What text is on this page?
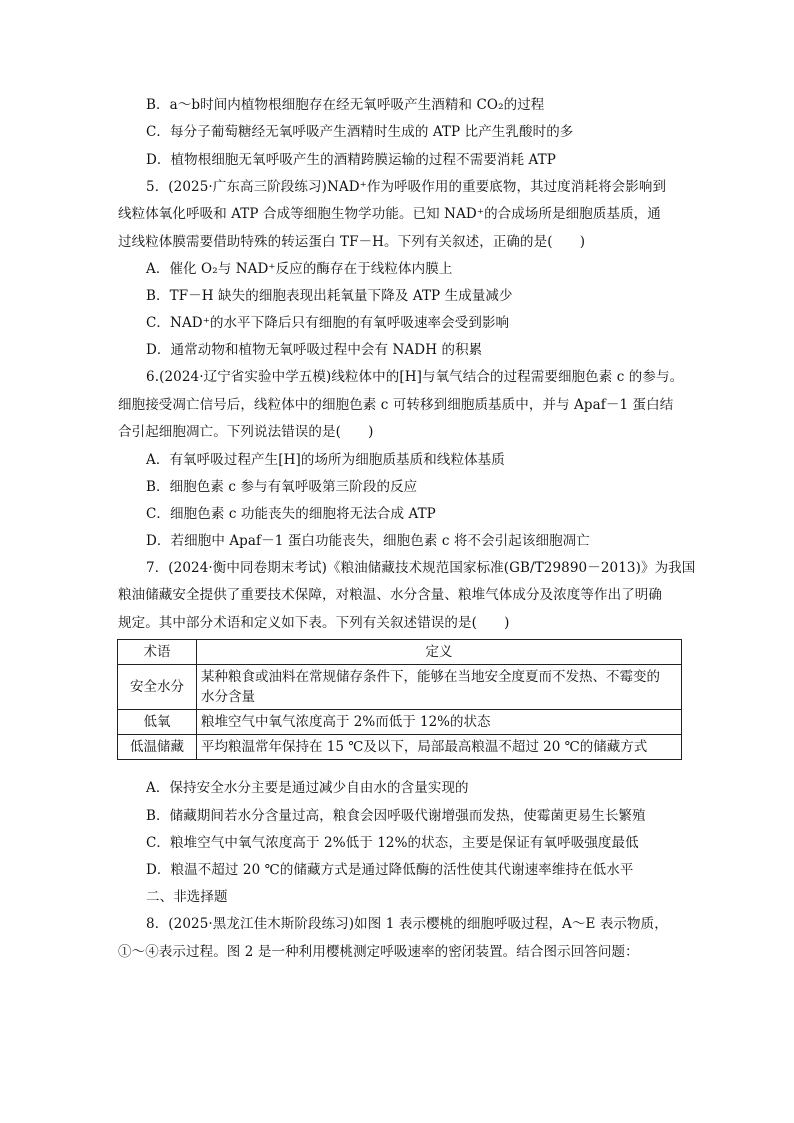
B．a～b时间内植物根细胞存在经无氧呼吸产生酒精和 CO₂的过程
C．每分子葡萄糖经无氧呼吸产生酒精时生成的 ATP 比产生乳酸时的多
D．植物根细胞无氧呼吸产生的酒精跨膜运输的过程不需要消耗 ATP
5．(2025·广东高三阶段练习)NAD⁺作为呼吸作用的重要底物，其过度消耗将会影响到
线粒体氧化呼吸和 ATP 合成等细胞生物学功能。已知 NAD⁺的合成场所是细胞质基质，通
过线粒体膜需要借助特殊的转运蛋白 TF－H。下列有关叙述，正确的是(　　)
A．催化 O₂与 NAD⁺反应的酶存在于线粒体内膜上
B．TF－H 缺失的细胞表现出耗氧量下降及 ATP 生成量减少
C．NAD⁺的水平下降后只有细胞的有氧呼吸速率会受到影响
D．通常动物和植物无氧呼吸过程中会有 NADH 的积累
6.(2024·辽宁省实验中学五模)线粒体中的[H]与氧气结合的过程需要细胞色素 c 的参与。
细胞接受凋亡信号后，线粒体中的细胞色素 c 可转移到细胞质基质中，并与 Apaf－1 蛋白结
合引起细胞凋亡。下列说法错误的是(　　)
A．有氧呼吸过程产生[H]的场所为细胞质基质和线粒体基质
B．细胞色素 c 参与有氧呼吸第三阶段的反应
C．细胞色素 c 功能丧失的细胞将无法合成 ATP
D．若细胞中 Apaf－1 蛋白功能丧失，细胞色素 c 将不会引起该细胞凋亡
7．(2024·衡中同卷期末考试)《粮油储藏技术规范国家标准(GB/T29890－2013)》为我国
粮油储藏安全提供了重要技术保障，对粮温、水分含量、粮堆气体成分及浓度等作出了明确
规定。其中部分术语和定义如下表。下列有关叙述错误的是(　　)
术语	定义
安全水分	某种粮食或油料在常规储存条件下，能够在当地安全度夏而不发热、不霉变的
水分含量

低氧	粮堆空气中氧气浓度高于 2%而低于 12%的状态

低温储藏	平均粮温常年保持在 15 ℃及以下，局部最高粮温不超过 20 ℃的储藏方式
A．保持安全水分主要是通过减少自由水的含量实现的
B．储藏期间若水分含量过高，粮食会因呼吸代谢增强而发热，使霉菌更易生长繁殖
C．粮堆空气中氧气浓度高于 2%低于 12%的状态，主要是保证有氧呼吸强度最低
D．粮温不超过 20 ℃的储藏方式是通过降低酶的活性使其代谢速率维持在低水平
二、非选择题
8．(2025·黑龙江佳木斯阶段练习)如图 1 表示樱桃的细胞呼吸过程，A～E 表示物质，
①～④表示过程。图 2 是一种利用樱桃测定呼吸速率的密闭装置。结合图示回答问题：
